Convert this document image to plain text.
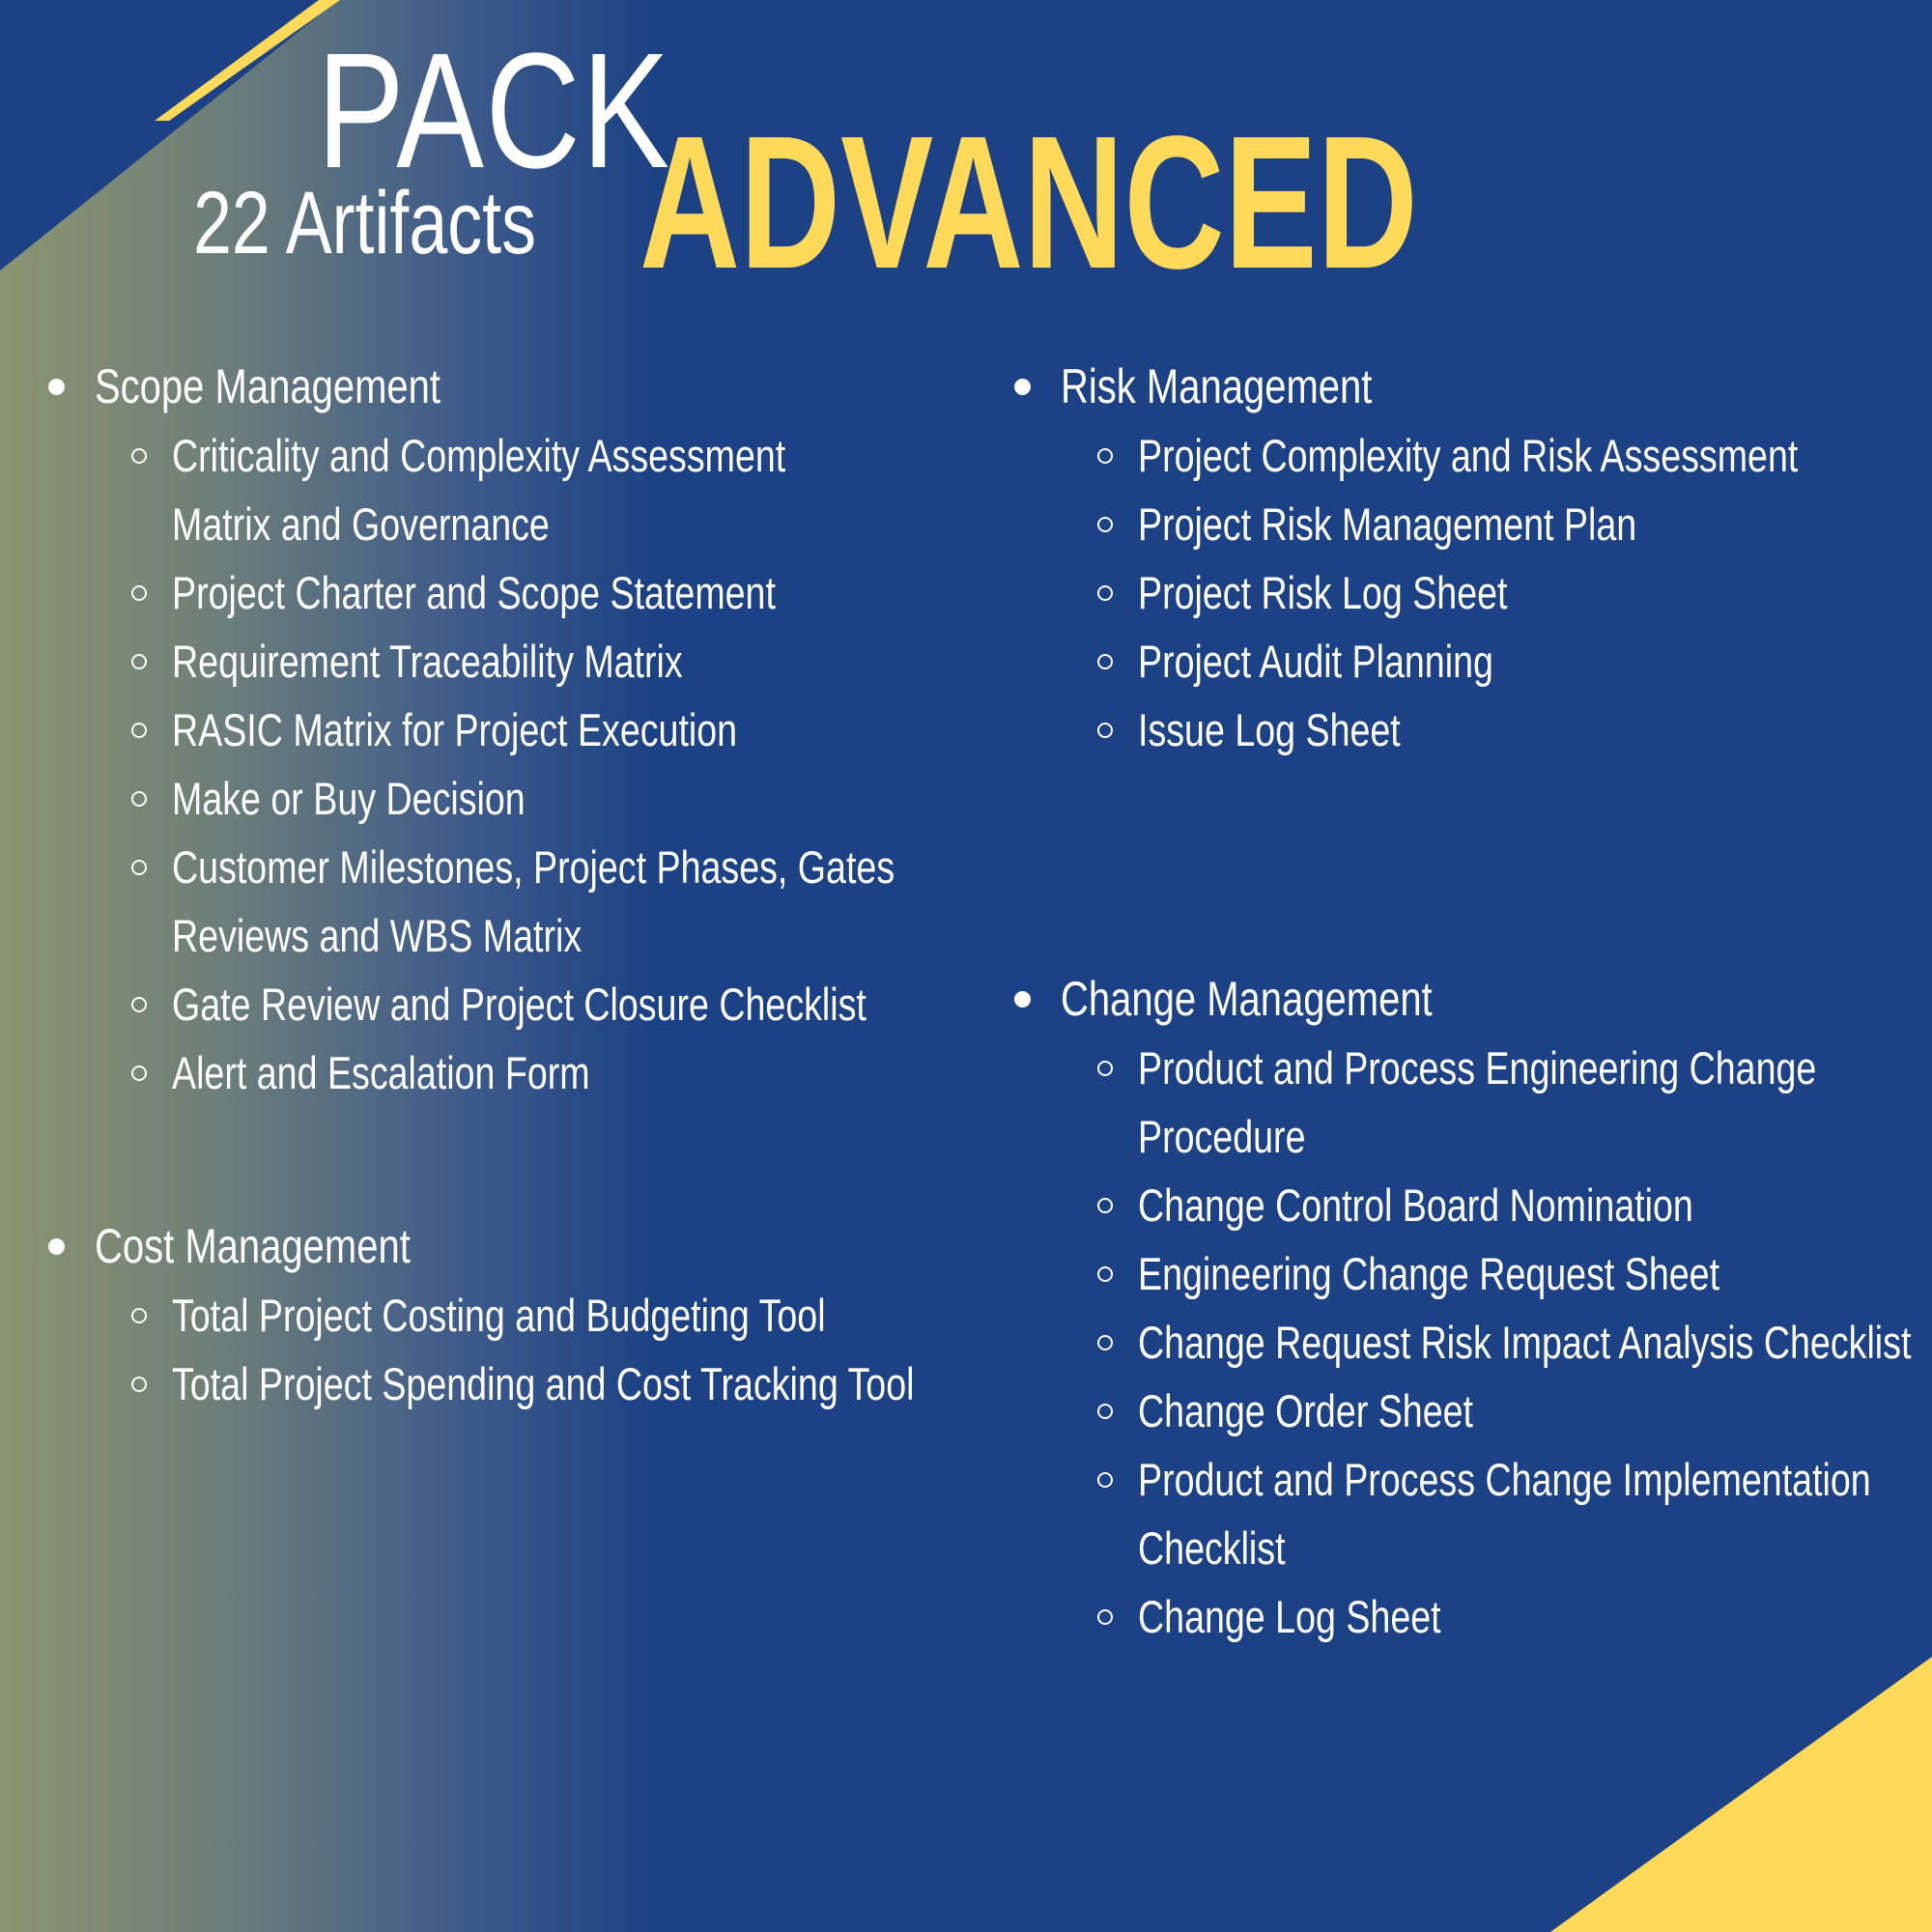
PACK
22 Artifacts ADVANCED
Scope Management
Criticality and Complexity Assessment
Matrix and Governance
Project Charter and Scope Statement
Requirement Traceability Matrix
RASIC Matrix for Project Execution
Make or Buy Decision
Customer Milestones, Project Phases, Gates
Reviews and WBS Matrix
Gate Review and Project Closure Checklist
Alert and Escalation Form
Cost Management
Total Project Costing and Budgeting Tool
Total Project Spending and Cost Tracking Tool
Risk Management
Project Complexity and Risk Assessment
Project Risk Management Plan
Project Risk Log Sheet
Project Audit Planning
Issue Log Sheet
Change Management
Product and Process Engineering Change
Procedure
Change Control Board Nomination
Engineering Change Request Sheet
Change Request Risk Impact Analysis Checklist
Change Order Sheet
Product and Process Change Implementation
Checklist
Change Log Sheet
